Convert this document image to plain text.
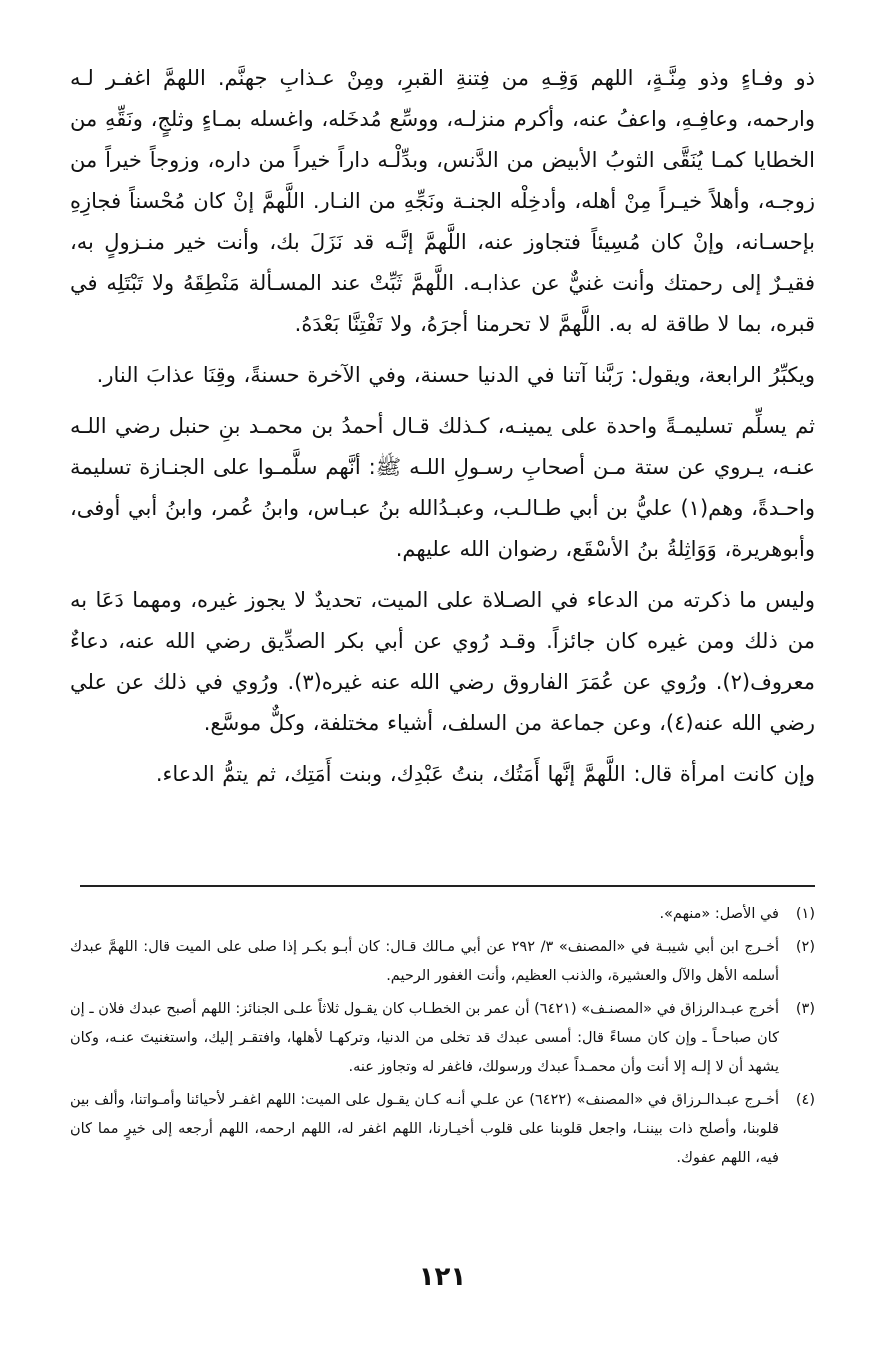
ذو وفـاءٍ وذو مِنَّـةٍ، اللهم وَقِـهِ من فِتنةِ القبرِ، ومِنْ عـذابِ جهنَّم. اللهمَّ اغفـر لـه وارحمه، وعافِـهِ، واعفُ عنه، وأكرم منزلـه، ووسِّع مُدخَله، واغسله بمـاءٍ وثلجٍ، ونَقِّهِ من الخطايا كمـا يُنَقَّى الثوبُ الأبيض من الدَّنس، وبدِّلْـه داراً خيراً من داره، وزوجاً خيراً من زوجـه، وأهلاً خيـراً مِنْ أهله، وأدخِلْه الجنـة ونَجِّهِ من النـار. اللَّهمَّ إنْ كان مُحْسناً فجازِهِ بإحسـانه، وإنْ كان مُسِيئاً فتجاوز عنه، اللَّهمَّ إنَّـه قد نَزَلَ بك، وأنت خير منـزولٍ به، فقيـرٌ إلى رحمتك وأنت غنيٌّ عن عذابـه. اللَّهمَّ ثَبِّتْ عند المسـألة مَنْطِقَهُ ولا تَبْتَلِه في قبره، بما لا طاقة له به. اللَّهمَّ لا تحرمنا أجرَهُ، ولا تَفْتِنَّا بَعْدَهُ.

ويكبِّرُ الرابعة، ويقول: رَبَّنا آتنا في الدنيا حسنة، وفي الآخرة حسنةً، وقِنَا عذابَ النار.

ثم يسلِّم تسليمـةً واحدة على يمينـه، كـذلك قـال أحمدُ بن محمـد بنِ حنبل رضي اللـه عنـه، يـروي عن ستة مـن أصحابِ رسـولِ اللـه ﷺ: أنَّهم سلَّمـوا على الجنـازة تسليمة واحـدةً، وهم(١) عليُّ بن أبي طـالـب، وعبـدُالله بنُ عبـاس، وابنُ عُمر، وابنُ أبي أوفى، وأبوهريرة، وَوَاثِلةُ بنُ الأسْقَع، رضوان الله عليهم.

وليس ما ذكرته من الدعاء في الصـلاة على الميت، تحديدٌ لا يجوز غيره، ومهما دَعَا به من ذلك ومن غيره كان جائزاً. وقـد رُوي عن أبي بكر الصدِّيق رضي الله عنه، دعاءٌ معروف(٢). ورُوي عن عُمَرَ الفاروق رضي الله عنه غيره(٣). ورُوي في ذلك عن علي رضي الله عنه(٤)، وعن جماعة من السلف، أشياء مختلفة، وكلٌّ موسَّع.

وإن كانت امرأة قال: اللَّهمَّ إنَّها أَمَتُك، بنتُ عَبْدِك، وبنت أَمَتِك، ثم يتمُّ الدعاء.

(١)
في الأصل: «منهم».

(٢)
أخـرج ابن أبي شيبـة في «المصنف» ٣/ ٢٩٢ عن أبي مـالك قـال: كان أبـو بكـر إذا صلى على الميت قال: اللهمَّ عبدك أسلمه الأهل والآل والعشيرة، والذنب العظيم، وأنت الغفور الرحيم.

(٣)
أخرج عبـدالرزاق في «المصنـف» (٦٤٢١) أن عمر بن الخطـاب كان يقـول ثلاثاً علـى الجنائز: اللهم أصبح عبدك فلان ـ إن كان صباحـاً ـ وإن كان مساءً قال: أمسى عبدك قد تخلى من الدنيا، وتركهـا لأهلها، وافتقـر إليك، واستغنيتَ عنـه، وكان يشهد أن لا إلـه إلا أنت وأن محمـداً عبدك ورسولك، فاغفر له وتجاوز عنه.

(٤)
أخـرج عبـدالـرزاق في «المصنف» (٦٤٢٢) عن علـي أنـه كـان يقـول على الميت: اللهم اغفـر لأحيائنا وأمـواتنا، وألف بين قلوبنا، وأصلح ذات بيننـا، واجعل قلوبنا على قلوب أخيـارنا، اللهم اغفر له، اللهم ارحمه، اللهم أرجعه إلى خيرٍ مما كان فيه، اللهم عفوك.

١٢١
